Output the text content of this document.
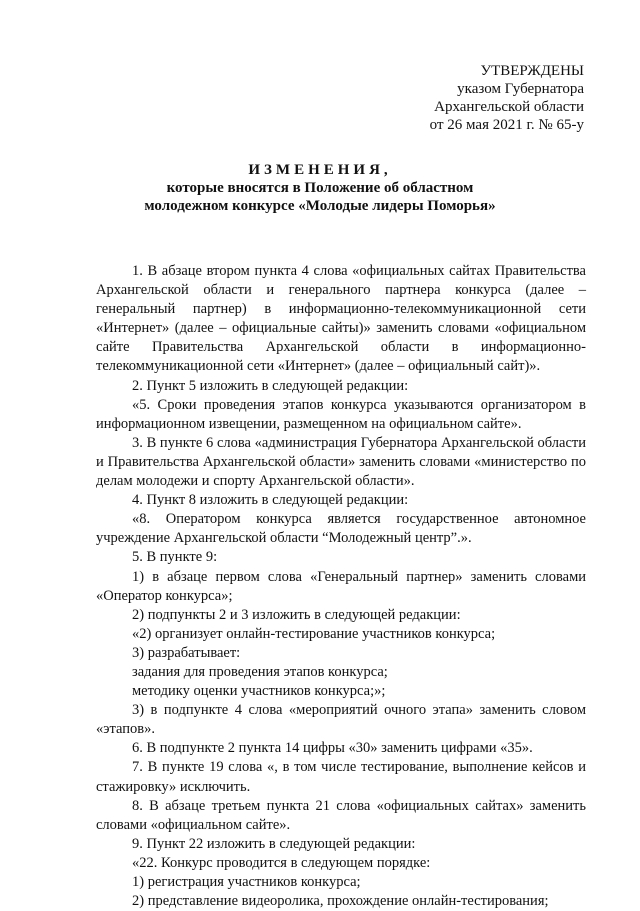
УТВЕРЖДЕНЫ
указом Губернатора
Архангельской области
от 26 мая 2021 г. № 65-у
ИЗМЕНЕНИЯ,
которые вносятся в Положение об областном
молодежном конкурсе «Молодые лидеры Поморья»

1. В абзаце втором пункта 4 слова «официальных сайтах Правительства Архангельской области и генерального партнера конкурса (далее – генеральный партнер) в информационно-телекоммуникационной сети «Интернет» (далее – официальные сайты)» заменить словами «официальном сайте Правительства Архангельской области в информационно-телекоммуникационной сети «Интернет» (далее – официальный сайт)».

2. Пункт 5 изложить в следующей редакции:

«5. Сроки проведения этапов конкурса указываются организатором в информационном извещении, размещенном на официальном сайте».

3. В пункте 6 слова «администрация Губернатора Архангельской области и Правительства Архангельской области» заменить словами «министерство по делам молодежи и спорту Архангельской области».

4. Пункт 8 изложить в следующей редакции:

«8. Оператором конкурса является государственное автономное учреждение Архангельской области “Молодежный центр”.».

5. В пункте 9:

1) в абзаце первом слова «Генеральный партнер» заменить словами «Оператор конкурса»;

2) подпункты 2 и 3 изложить в следующей редакции:

«2) организует онлайн-тестирование участников конкурса;

3) разрабатывает:

задания для проведения этапов конкурса;

методику оценки участников конкурса;»;

3) в подпункте 4 слова «мероприятий очного этапа» заменить словом «этапов».

6. В подпункте 2 пункта 14 цифры «30» заменить цифрами «35».

7. В пункте 19 слова «, в том числе тестирование, выполнение кейсов и стажировку» исключить.

8. В абзаце третьем пункта 21 слова «официальных сайтах» заменить словами «официальном сайте».

9. Пункт 22 изложить в следующей редакции:

«22. Конкурс проводится в следующем порядке:

1) регистрация участников конкурса;

2) представление видеоролика, прохождение онлайн-тестирования;
